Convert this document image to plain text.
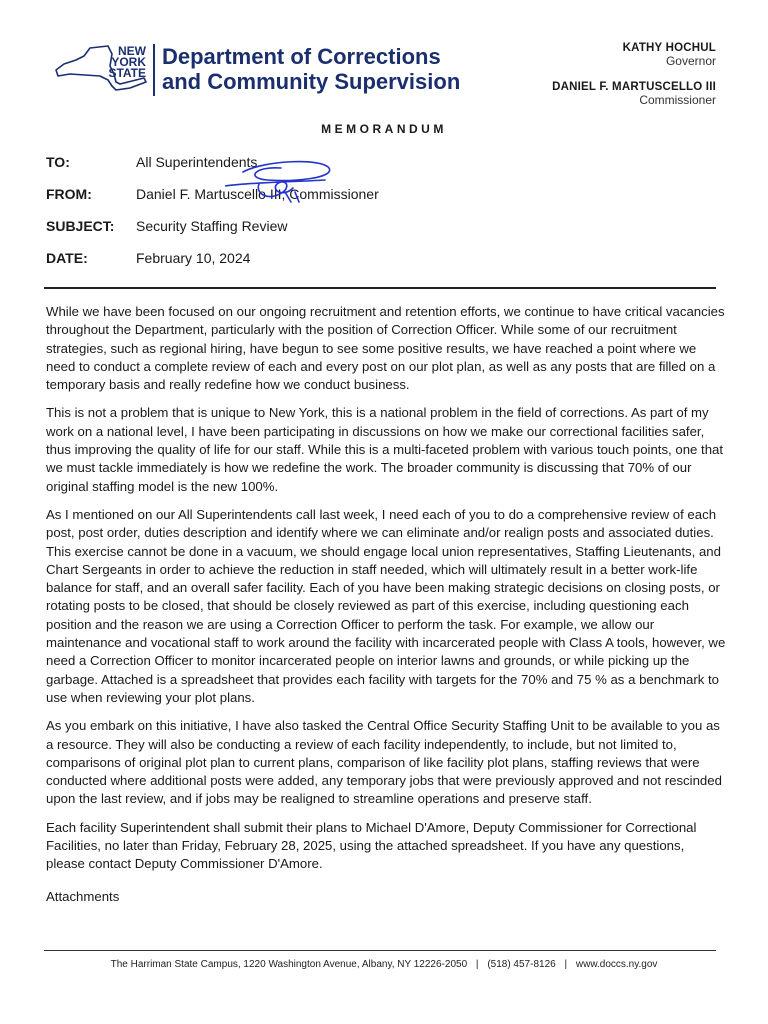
NEW
YORK
STATE
Department of Corrections
and Community Supervision
KATHY HOCHUL
Governor
DANIEL F. MARTUSCELLO III
Commissioner
MEMORANDUM
TO:	All Superintendents
FROM:	Daniel F. Martuscello III, Commissioner
SUBJECT:	Security Staffing Review
DATE:	February 10, 2024

While we have been focused on our ongoing recruitment and retention efforts, we continue to have critical vacancies throughout the Department, particularly with the position of Correction Officer. While some of our recruitment strategies, such as regional hiring, have begun to see some positive results, we have reached a point where we need to conduct a complete review of each and every post on our plot plan, as well as any posts that are filled on a temporary basis and really redefine how we conduct business.

This is not a problem that is unique to New York, this is a national problem in the field of corrections. As part of my work on a national level, I have been participating in discussions on how we make our correctional facilities safer, thus improving the quality of life for our staff. While this is a multi-faceted problem with various touch points, one that we must tackle immediately is how we redefine the work. The broader community is discussing that 70% of our original staffing model is the new 100%.

As I mentioned on our All Superintendents call last week, I need each of you to do a comprehensive review of each post, post order, duties description and identify where we can eliminate and/or realign posts and associated duties. This exercise cannot be done in a vacuum, we should engage local union representatives, Staffing Lieutenants, and Chart Sergeants in order to achieve the reduction in staff needed, which will ultimately result in a better work-life balance for staff, and an overall safer facility. Each of you have been making strategic decisions on closing posts, or rotating posts to be closed, that should be closely reviewed as part of this exercise, including questioning each position and the reason we are using a Correction Officer to perform the task. For example, we allow our maintenance and vocational staff to work around the facility with incarcerated people with Class A tools, however, we need a Correction Officer to monitor incarcerated people on interior lawns and grounds, or while picking up the garbage. Attached is a spreadsheet that provides each facility with targets for the 70% and 75 % as a benchmark to use when reviewing your plot plans.

As you embark on this initiative, I have also tasked the Central Office Security Staffing Unit to be available to you as a resource. They will also be conducting a review of each facility independently, to include, but not limited to, comparisons of original plot plan to current plans, comparison of like facility plot plans, staffing reviews that were conducted where additional posts were added, any temporary jobs that were previously approved and not rescinded upon the last review, and if jobs may be realigned to streamline operations and preserve staff.

Each facility Superintendent shall submit their plans to Michael D'Amore, Deputy Commissioner for Correctional Facilities, no later than Friday, February 28, 2025, using the attached spreadsheet. If you have any questions, please contact Deputy Commissioner D'Amore.

Attachments

The Harriman State Campus, 1220 Washington Avenue, Albany, NY 12226-2050 | (518) 457-8126 | www.doccs.ny.gov
